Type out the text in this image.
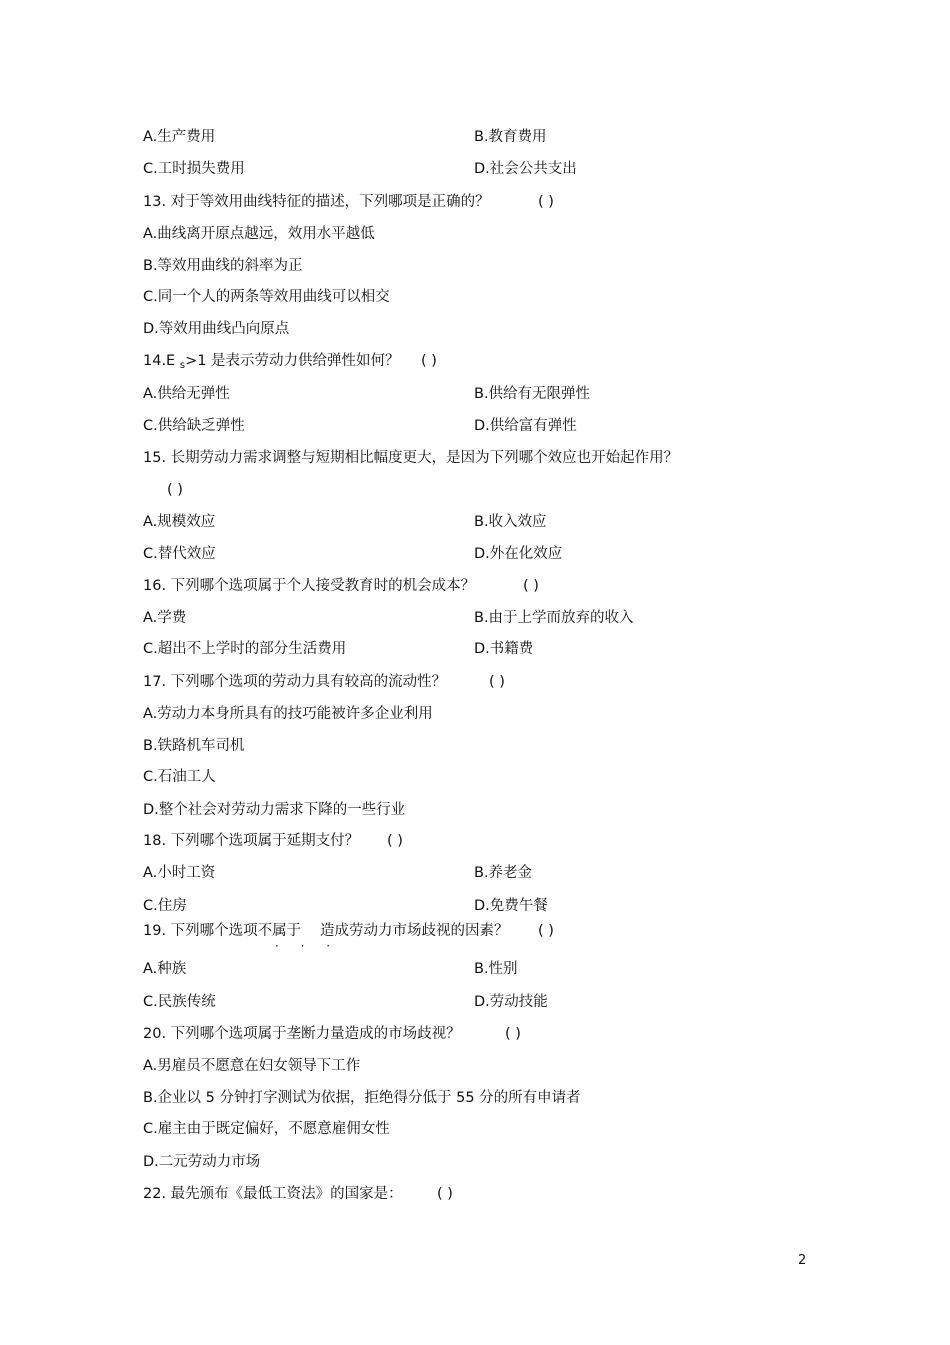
A.生产费用	B.教育费用
C.工时损失费用	D.社会公共支出
13. 对于等效用曲线特征的描述，下列哪项是正确的？	( )
A.曲线离开原点越远，效用水平越低
B.等效用曲线的斜率为正
C.同一个人的两条等效用曲线可以相交
D.等效用曲线凸向原点
14.E $_s$>1 是表示劳动力供给弹性如何？ ( )
A.供给无弹性	B.供给有无限弹性
C.供给缺乏弹性	D.供给富有弹性
15. 长期劳动力需求调整与短期相比幅度更大，是因为下列哪个效应也开始起作用？
( )
A.规模效应	B.收入效应
C.替代效应	D.外在化效应
16. 下列哪个选项属于个人接受教育时的机会成本？	( )
A.学费	B.由于上学而放弃的收入
C.超出不上学时的部分生活费用	D.书籍费
17. 下列哪个选项的劳动力具有较高的流动性？	( )
A.劳动力本身所具有的技巧能被许多企业利用
B.铁路机车司机
C.石油工人
D.整个社会对劳动力需求下降的一些行业
18. 下列哪个选项属于延期支付？ ( )
A.小时工资	B.养老金
C.住房	D.免费午餐
19. 下列哪个选项不属于 造成劳动力市场歧视的因素？ ( )
· · ·
A.种族	B.性别
C.民族传统	D.劳动技能
20. 下列哪个选项属于垄断力量造成的市场歧视？	( )
A.男雇员不愿意在妇女领导下工作
B.企业以 5 分钟打字测试为依据，拒绝得分低于 55 分的所有申请者
C.雇主由于既定偏好，不愿意雇佣女性
D.二元劳动力市场
22. 最先颁布《最低工资法》的国家是： ( )
2
